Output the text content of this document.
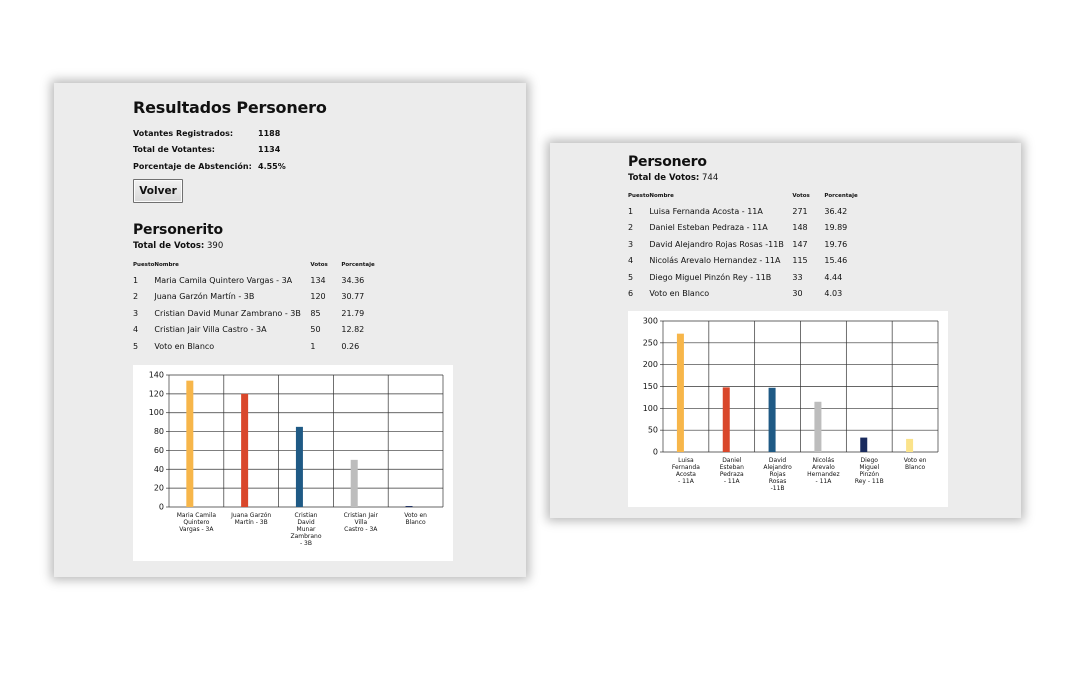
Resultados Personero
Votantes Registrados:	1188
Total de Votantes:	1134
Porcentaje de Abstención: 4.55%
Volver
Personerito
Total de Votos: 390
Puesto	Nombre	Votos	Porcentaje
1	Maria Camila Quintero Vargas - 3A	134	34.36
2	Juana Garzón Martín - 3B	120	30.77
3	Cristian David Munar Zambrano - 3B	85	21.79
4	Cristian Jair Villa Castro - 3A	50	12.82
5	Voto en Blanco	1	0.26
0
20
40
60
80
100
120
140
Maria Camila
Quintero
Vargas - 3A
Juana Garzón
Martín - 3B
Cristian
David
Munar
Zambrano
- 3B
Cristian Jair
Villa
Castro - 3A
Voto en
Blanco
Personero
Total de Votos: 744
Puesto	Nombre	Votos	Porcentaje
1	Luisa Fernanda Acosta - 11A	271	36.42
2	Daniel Esteban Pedraza - 11A	148	19.89
3	David Alejandro Rojas Rosas -11B	147	19.76
4	Nicolás Arevalo Hernandez - 11A	115	15.46
5	Diego Miguel Pinzón Rey - 11B	33	4.44
6	Voto en Blanco	30	4.03
0
50
100
150
200
250
300
Luisa
Fernanda
Acosta
- 11A
Daniel
Esteban
Pedraza
- 11A
David
Alejandro
Rojas
Rosas
-11B
Nicolás
Arevalo
Hernandez
- 11A
Diego
Miguel
Pinzón
Rey - 11B
Voto en
Blanco
